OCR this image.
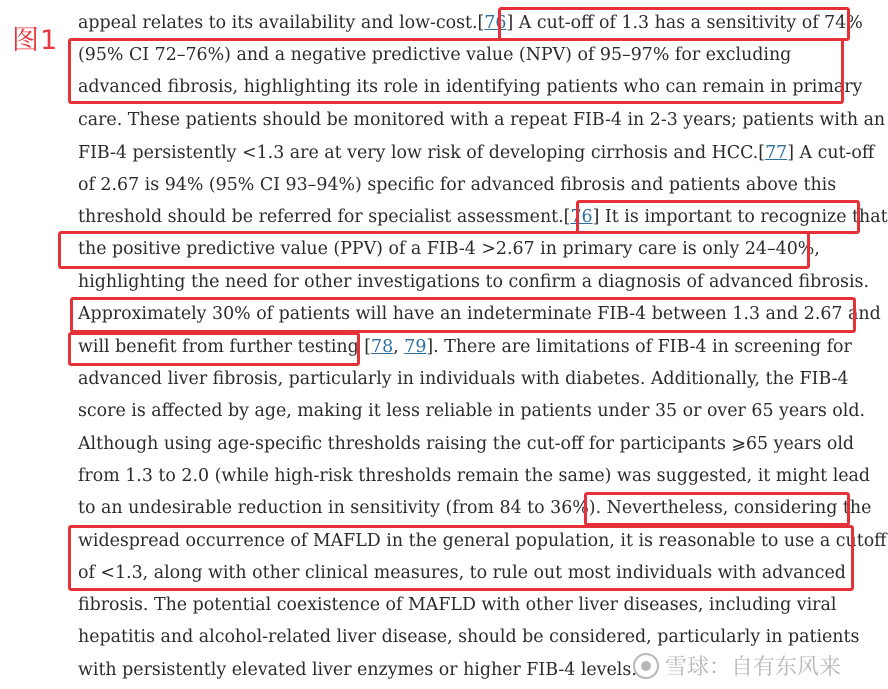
图1
appeal relates to its availability and low-cost.[76] A cut-off of 1.3 has a sensitivity of 74%
(95% CI 72–76%) and a negative predictive value (NPV) of 95–97% for excluding
advanced fibrosis, highlighting its role in identifying patients who can remain in primary
care. These patients should be monitored with a repeat FIB-4 in 2-3 years; patients with an
FIB-4 persistently <1.3 are at very low risk of developing cirrhosis and HCC.[77] A cut-off
of 2.67 is 94% (95% CI 93–94%) specific for advanced fibrosis and patients above this
threshold should be referred for specialist assessment.[76] It is important to recognize that
the positive predictive value (PPV) of a FIB-4 >2.67 in primary care is only 24–40%,
highlighting the need for other investigations to confirm a diagnosis of advanced fibrosis.
Approximately 30% of patients will have an indeterminate FIB-4 between 1.3 and 2.67 and
will benefit from further testing [78, 79]. There are limitations of FIB-4 in screening for
advanced liver fibrosis, particularly in individuals with diabetes. Additionally, the FIB-4
score is affected by age, making it less reliable in patients under 35 or over 65 years old.
Although using age-specific thresholds raising the cut-off for participants ⩾65 years old
from 1.3 to 2.0 (while high-risk thresholds remain the same) was suggested, it might lead
to an undesirable reduction in sensitivity (from 84 to 36%). Nevertheless, considering the
widespread occurrence of MAFLD in the general population, it is reasonable to use a cutoff
of <1.3, along with other clinical measures, to rule out most individuals with advanced
fibrosis. The potential coexistence of MAFLD with other liver diseases, including viral
hepatitis and alcohol-related liver disease, should be considered, particularly in patients
with persistently elevated liver enzymes or higher FIB-4 levels.	雪球：自有东风来
